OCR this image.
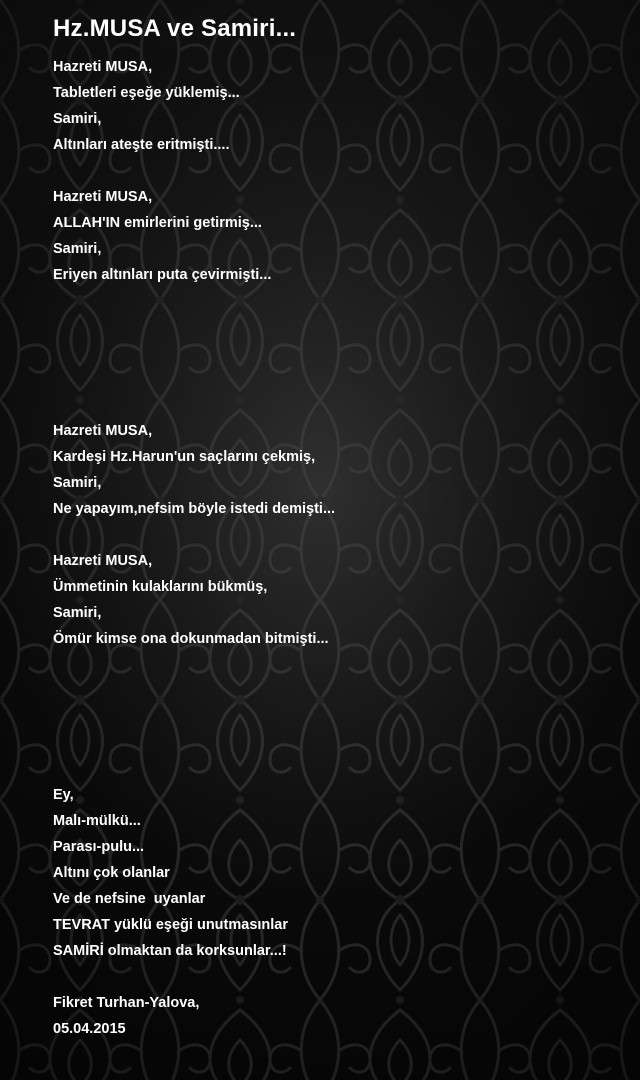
Hz.MUSA ve Samiri...
Hazreti MUSA,
Tabletleri eşeğe yüklemiş...
Samiri,
Altınları ateşte eritmişti....
Hazreti MUSA,
ALLAH'IN emirlerini getirmiş...
Samiri,
Eriyen altınları puta çevirmişti...
Hazreti MUSA,
Kardeşi Hz.Harun'un saçlarını çekmiş,
Samiri,
Ne yapayım,nefsim böyle istedi demişti...
Hazreti MUSA,
Ümmetinin kulaklarını bükmüş,
Samiri,
Ömür kimse ona dokunmadan bitmişti...
Ey,
Malı-mülkü...
Parası-pulu...
Altını çok olanlar
Ve de nefsine  uyanlar
TEVRAT yüklü eşeği unutmasınlar
SAMİRİ olmaktan da korksunlar...!
Fikret Turhan-Yalova,
05.04.2015
